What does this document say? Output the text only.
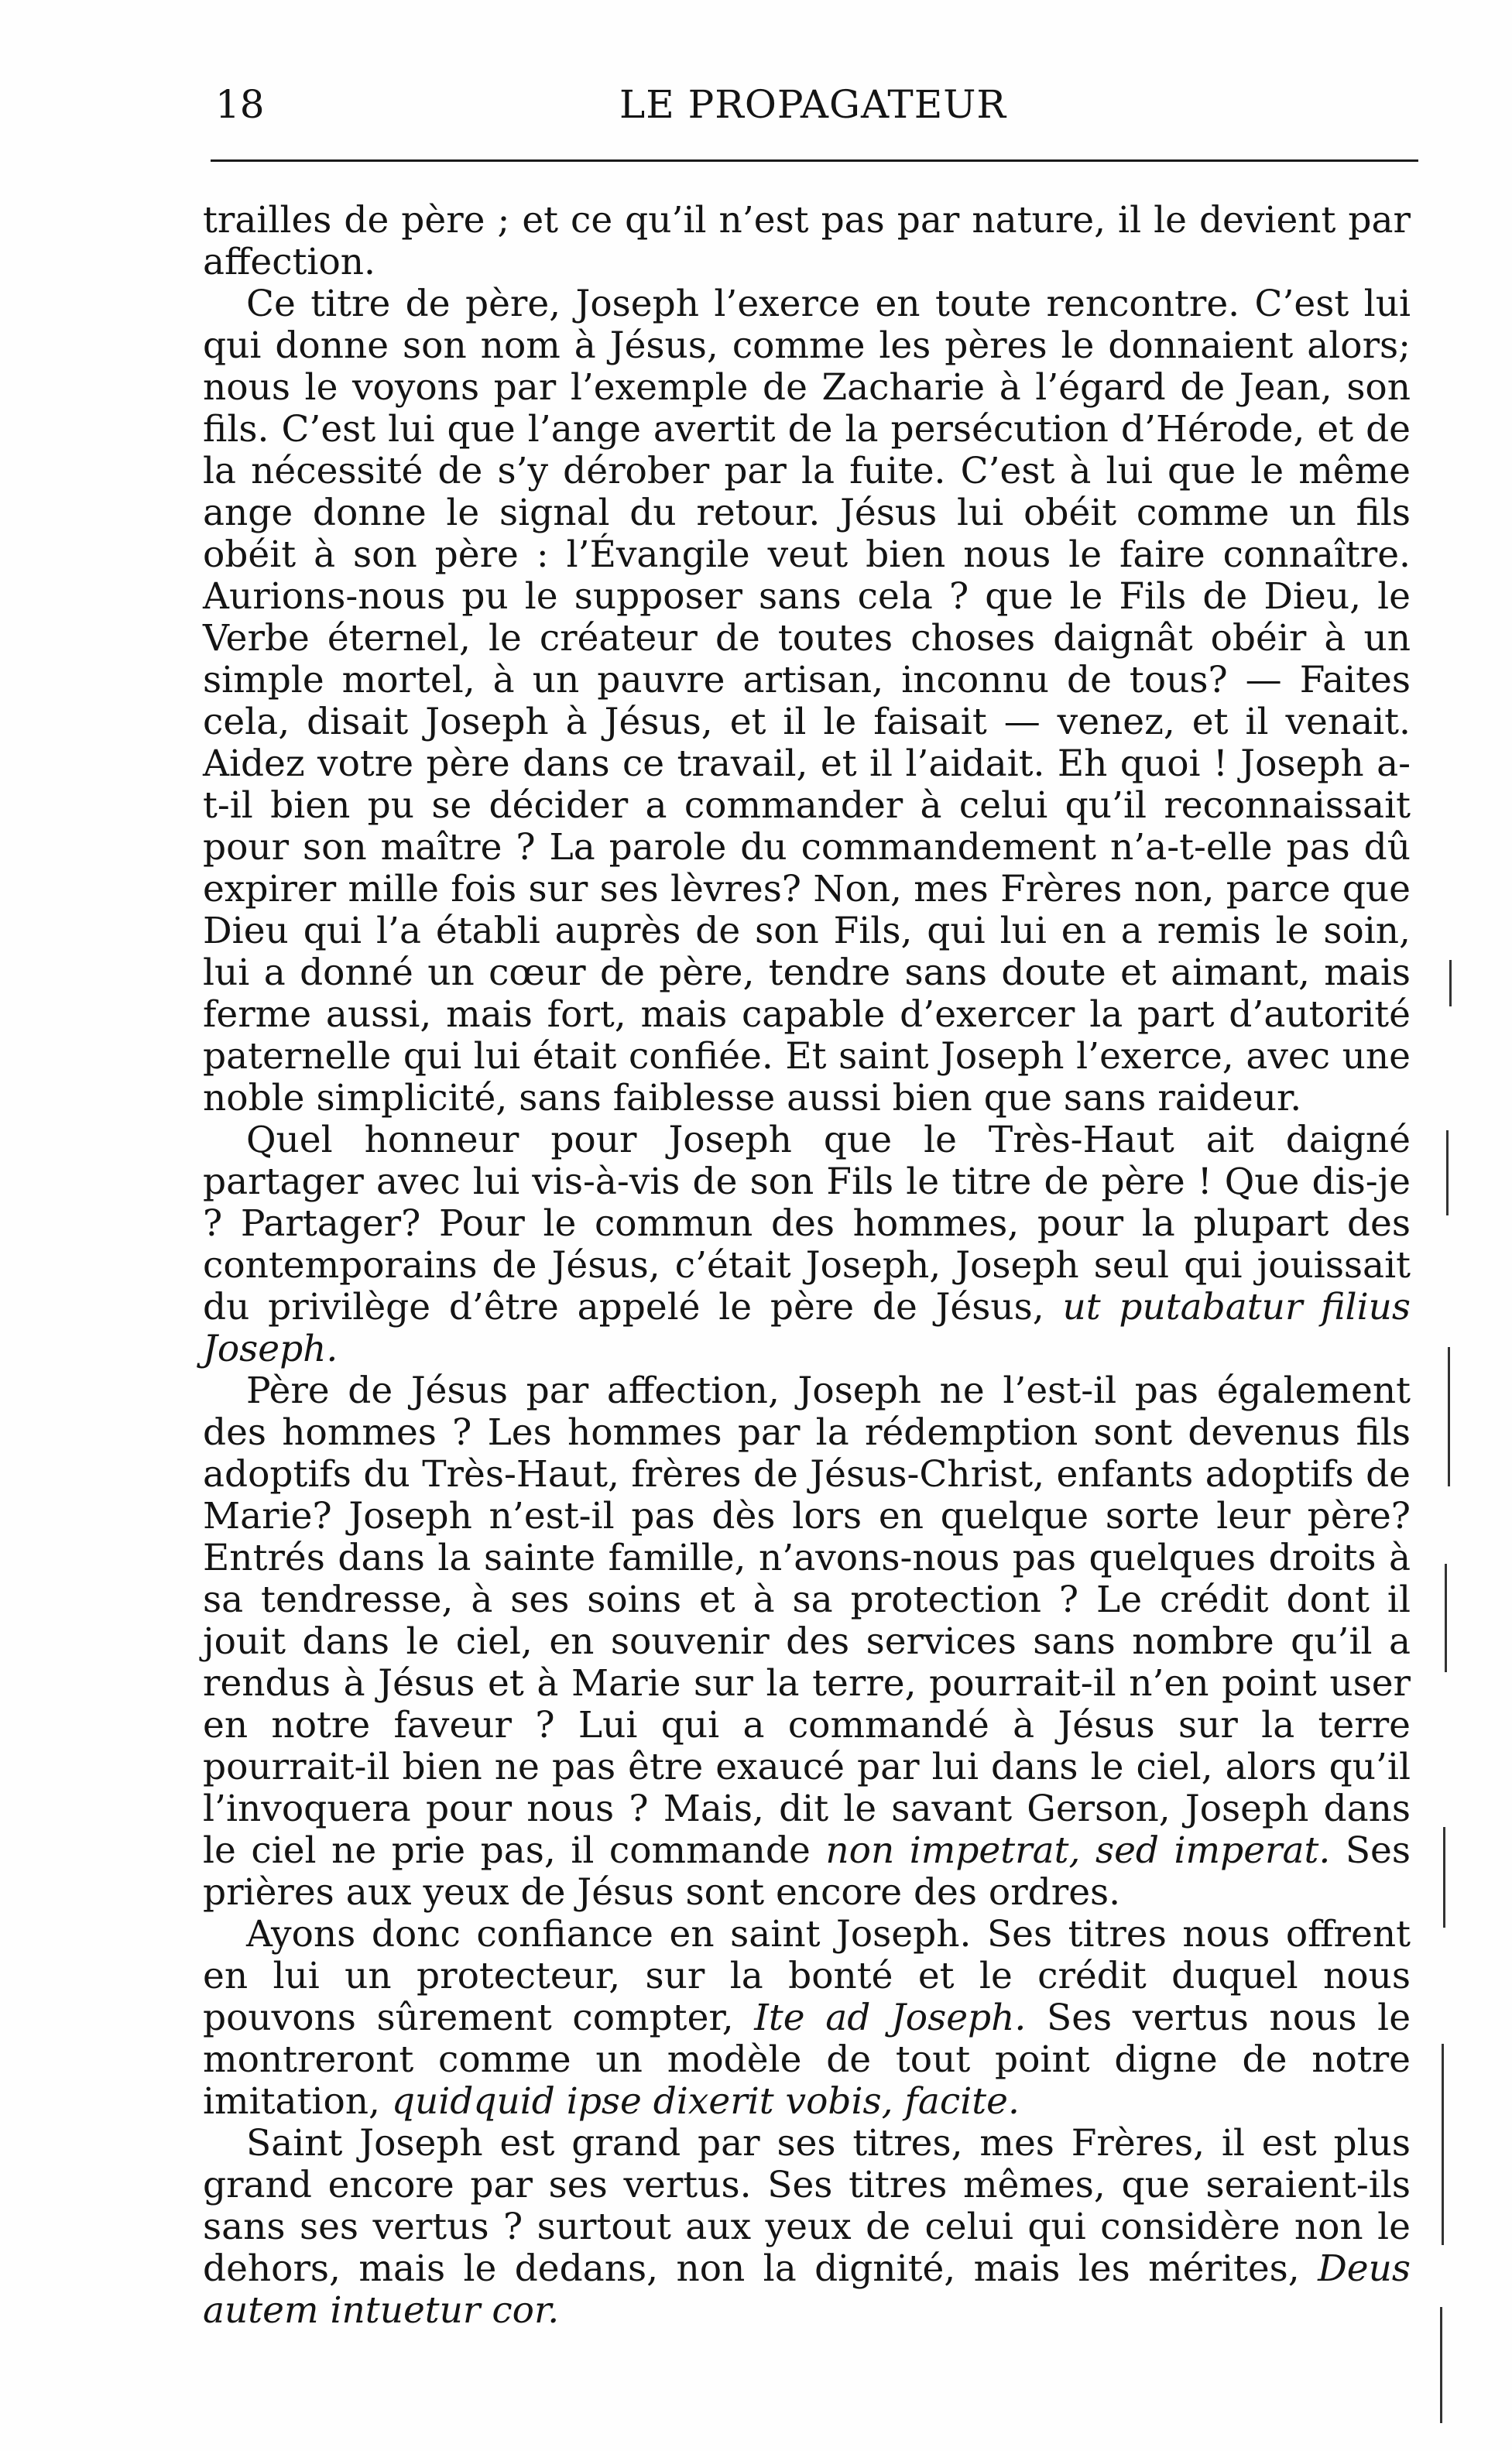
18	LE PROPAGATEUR

trailles de père ; et ce qu’il n’est pas par nature, il le devient par affection.

Ce titre de père, Joseph l’exerce en toute rencontre. C’est lui qui donne son nom à Jésus, comme les pères le donnaient alors; nous le voyons par l’exemple de Zacharie à l’égard de Jean, son fils. C’est lui que l’ange avertit de la persécution d’Hérode, et de la nécessité de s’y dérober par la fuite. C’est à lui que le même ange donne le signal du retour. Jésus lui obéit comme un fils obéit à son père : l’Évangile veut bien nous le faire connaître. Aurions-nous pu le supposer sans cela ? que le Fils de Dieu, le Verbe éternel, le créateur de toutes choses daignât obéir à un simple mortel, à un pauvre artisan, inconnu de tous? — Faites cela, disait Joseph à Jésus, et il le faisait — venez, et il venait. Aidez votre père dans ce travail, et il l’aidait. Eh quoi ! Joseph a-t-il bien pu se décider a commander à celui qu’il reconnaissait pour son maître ? La parole du commandement n’a-t-elle pas dû expirer mille fois sur ses lèvres? Non, mes Frères non, parce que Dieu qui l’a établi auprès de son Fils, qui lui en a remis le soin, lui a donné un cœur de père, tendre sans doute et aimant, mais ferme aussi, mais fort, mais capable d’exercer la part d’autorité paternelle qui lui était confiée. Et saint Joseph l’exerce, avec une noble simplicité, sans faiblesse aussi bien que sans raideur.

Quel honneur pour Joseph que le Très-Haut ait daigné partager avec lui vis-à-vis de son Fils le titre de père ! Que dis-je ? Partager? Pour le commun des hommes, pour la plupart des contemporains de Jésus, c’était Joseph, Joseph seul qui jouissait du privilège d’être appelé le père de Jésus, ut putabatur filius Joseph.

Père de Jésus par affection, Joseph ne l’est-il pas également des hommes ? Les hommes par la rédemption sont devenus fils adoptifs du Très-Haut, frères de Jésus-Christ, enfants adoptifs de Marie? Joseph n’est-il pas dès lors en quelque sorte leur père? Entrés dans la sainte famille, n’avons-nous pas quelques droits à sa tendresse, à ses soins et à sa protection ? Le crédit dont il jouit dans le ciel, en souvenir des services sans nombre qu’il a rendus à Jésus et à Marie sur la terre, pourrait-il n’en point user en notre faveur ? Lui qui a commandé à Jésus sur la terre pourrait-il bien ne pas être exaucé par lui dans le ciel, alors qu’il l’invoquera pour nous ? Mais, dit le savant Gerson, Joseph dans le ciel ne prie pas, il commande non impetrat, sed imperat. Ses prières aux yeux de Jésus sont encore des ordres.

Ayons donc confiance en saint Joseph. Ses titres nous offrent en lui un protecteur, sur la bonté et le crédit duquel nous pouvons sûrement compter, Ite ad Joseph. Ses vertus nous le montreront comme un modèle de tout point digne de notre imitation, quidquid ipse dixerit vobis, facite.

Saint Joseph est grand par ses titres, mes Frères, il est plus grand encore par ses vertus. Ses titres mêmes, que seraient-ils sans ses vertus ? surtout aux yeux de celui qui considère non le dehors, mais le dedans, non la dignité, mais les mérites, Deus autem intuetur cor.
